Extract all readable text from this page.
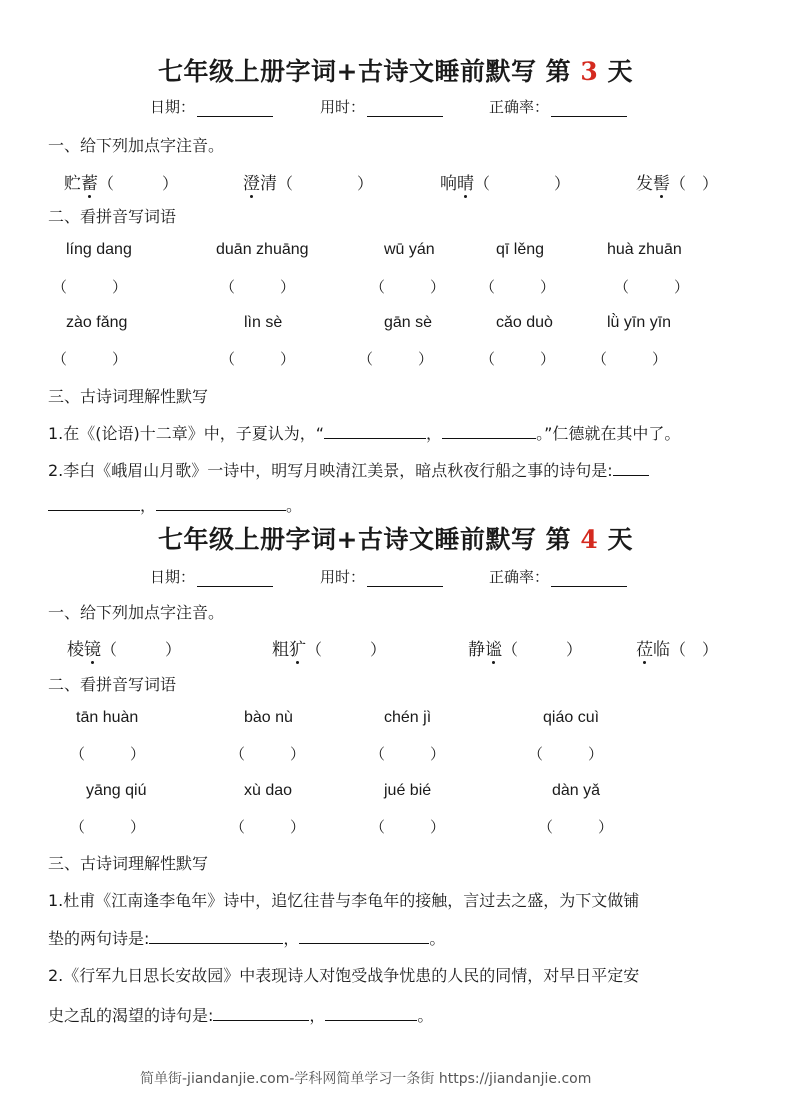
七年级上册字词+古诗文睡前默写 第 3 天
日期：	用时：	正确率：
一、给下列加点字注音。
贮蓄（　　　）	澄清（　　　　）	响晴（　　　　）	发髻（　）
二、看拼音写词语
líng dang	duān zhuāng	wū yán	qī lěng	huà zhuān
（　　　）	（　　　）	（　　　） （　　　）	（　　　）
zào fǎng	lìn sè	gān sè	cǎo duò	lǜ yīn yīn
（　　　）	（　　　）	（　　　）	（　　　） （　　　）
三、古诗词理解性默写
1.在《(论语)十二章》中，子夏认为，“	，	。”仁德就在其中了。
2.李白《峨眉山月歌》一诗中，明写月映清江美景，暗点秋夜行船之事的诗句是:
，	。
七年级上册字词+古诗文睡前默写 第 4 天
日期：	用时：	正确率：
一、给下列加点字注音。
棱镜（　　　）	粗犷（　　　）	静谧（　　　）	莅临（　）
二、看拼音写词语
tān huàn	bào nù	chén jì	qiáo cuì
（　　　）	（　　　）	（　　　）	（　　　）
yāng qiú	xù dao	jué bié	dàn yǎ
（　　　）	（　　　）	（　　　）	（　　　）
三、古诗词理解性默写
1.杜甫《江南逢李龟年》诗中，追忆往昔与李龟年的接触，言过去之盛，为下文做铺
垫的两句诗是:	，	。
2.《行军九日思长安故园》中表现诗人对饱受战争忧患的人民的同情，对早日平定安
史之乱的渴望的诗句是:	，	。
简单街-jiandanjie.com-学科网简单学习一条街 https://jiandanjie.com
